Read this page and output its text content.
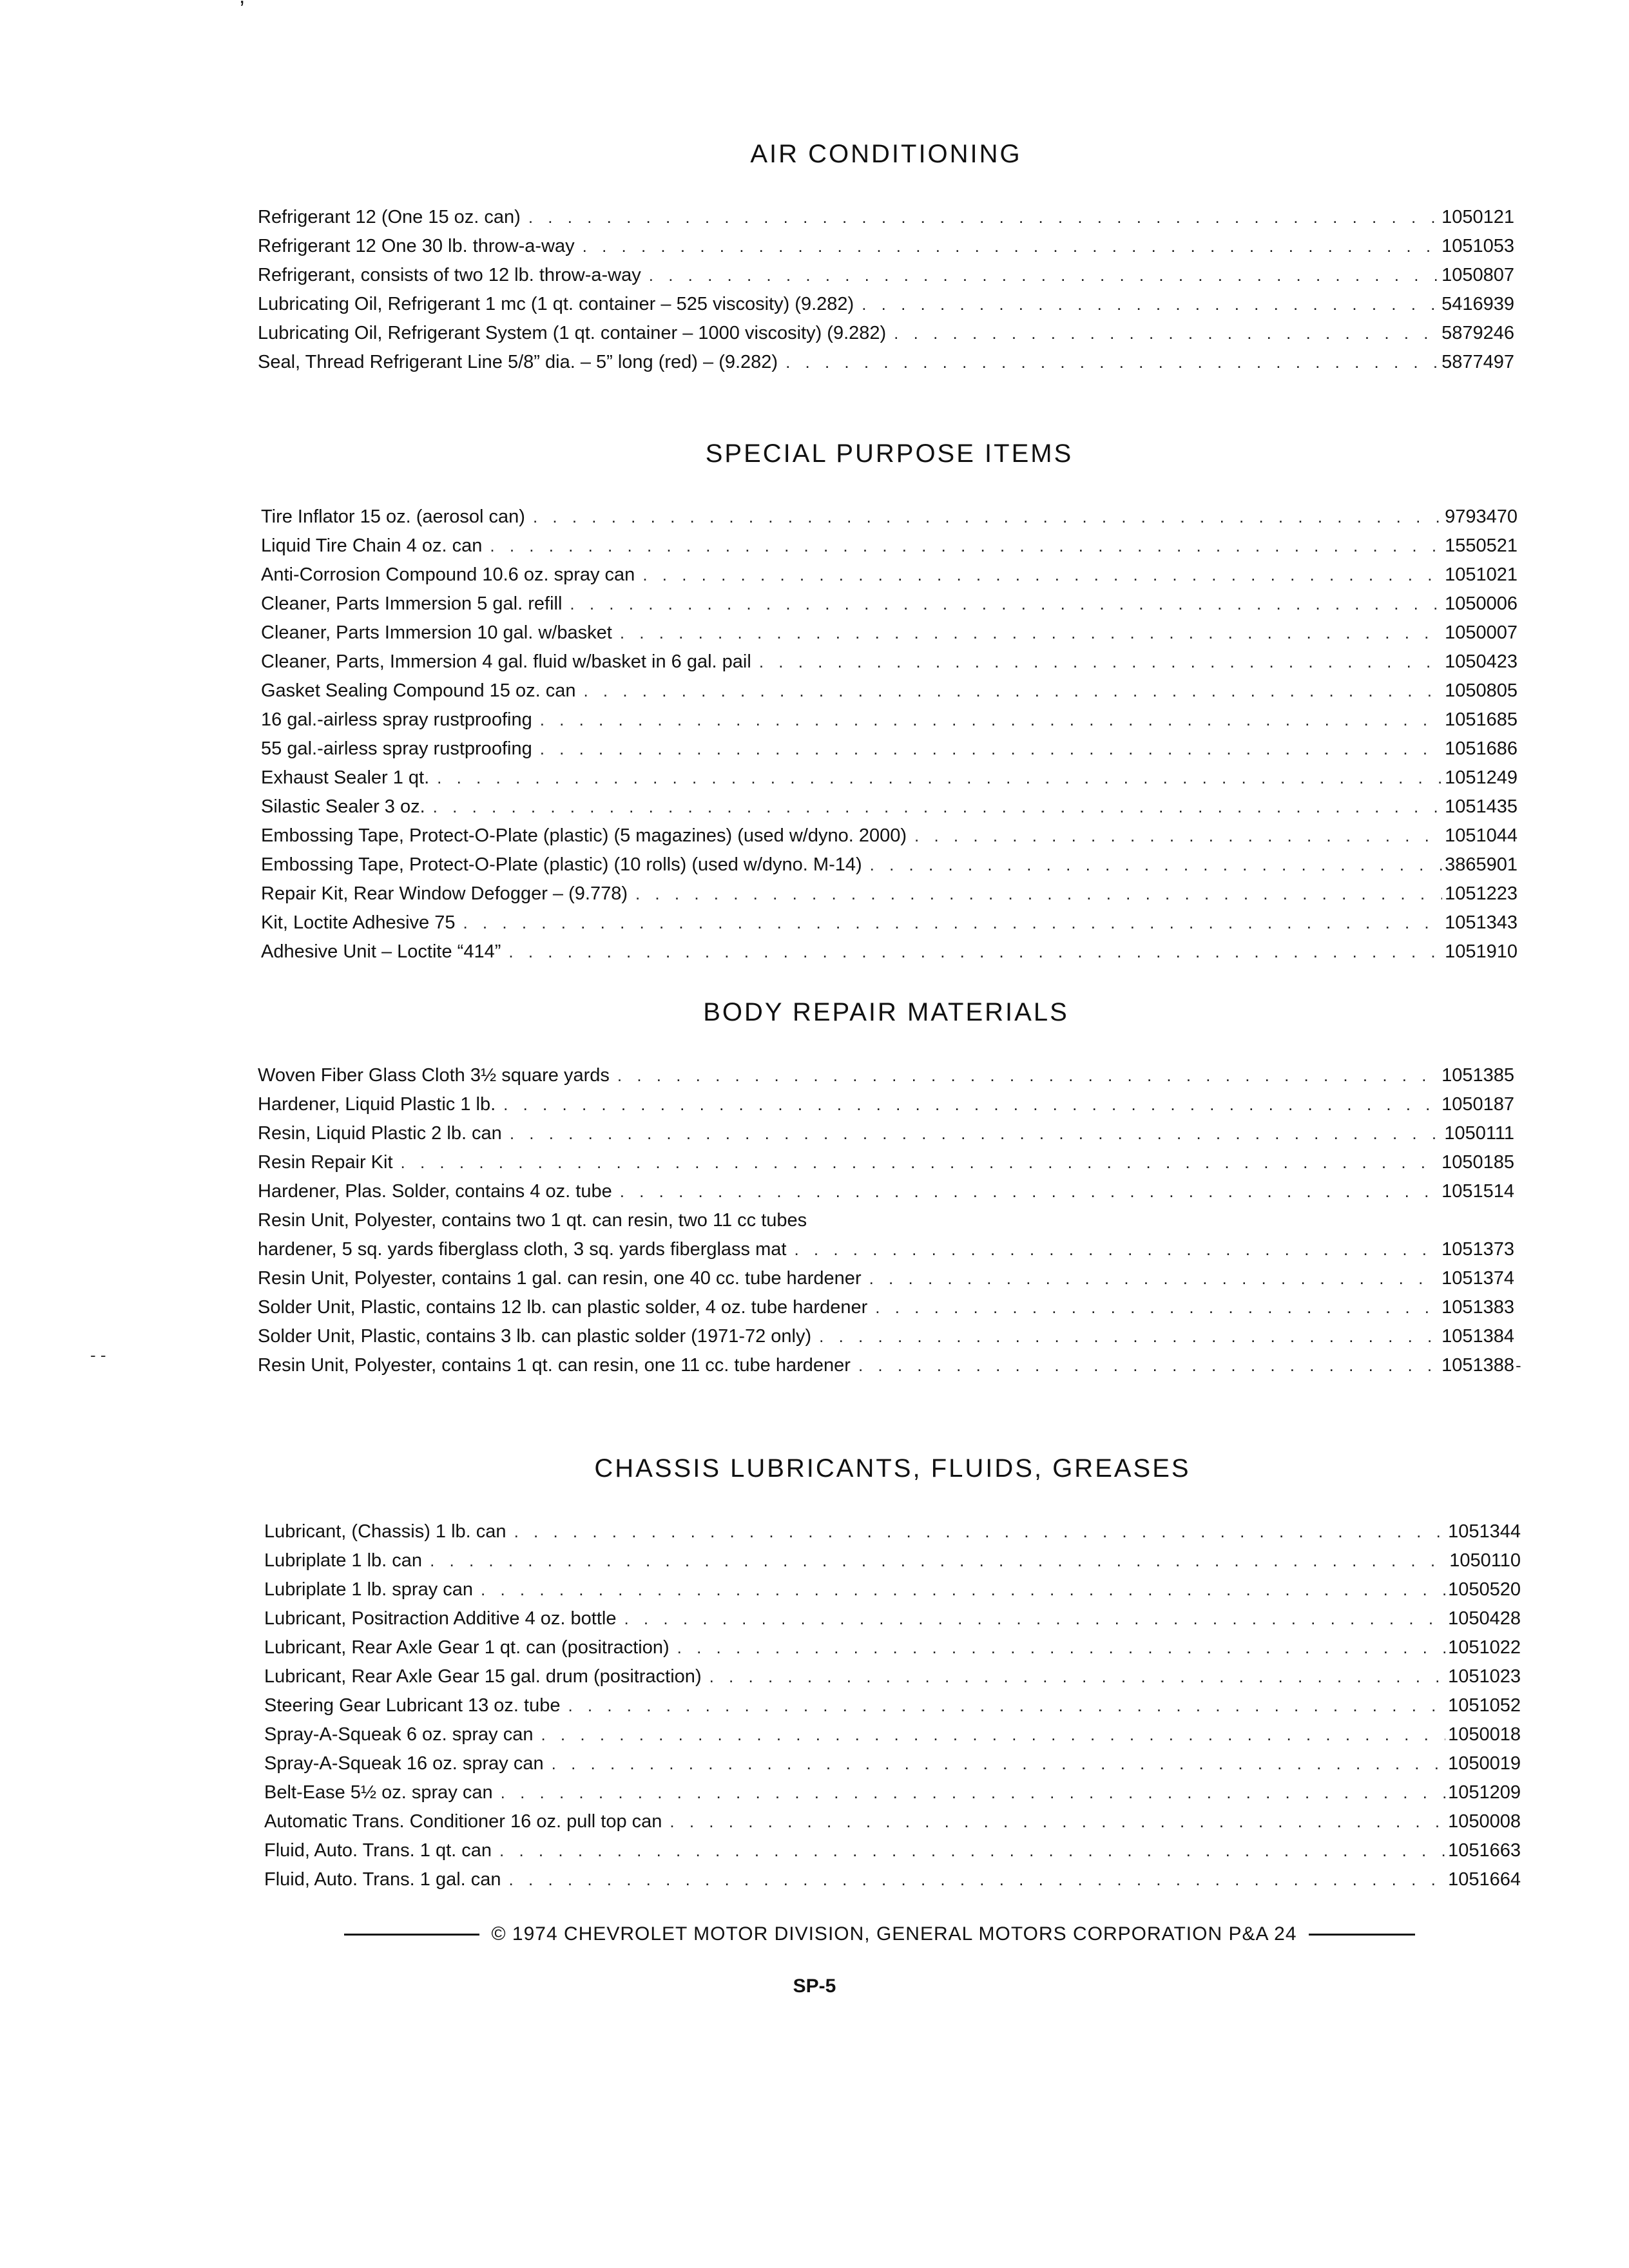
ʼ
AIR CONDITIONING
Refrigerant 12 (One 15 oz. can) . . .	1050121
Refrigerant 12 One 30 lb. throw-a-way . . .	1051053
Refrigerant, consists of two 12 lb. throw-a-way . . .	1050807
Lubricating Oil, Refrigerant 1 mc (1 qt. container – 525 viscosity) (9.282) . . .	5416939
Lubricating Oil, Refrigerant System (1 qt. container – 1000 viscosity) (9.282) . . .	5879246
Seal, Thread Refrigerant Line 5/8” dia. – 5” long (red) – (9.282) . . .	5877497
SPECIAL PURPOSE ITEMS
Tire Inflator 15 oz. (aerosol can) . . .	9793470
Liquid Tire Chain 4 oz. can . . .	1550521
Anti-Corrosion Compound 10.6 oz. spray can . . .	1051021
Cleaner, Parts Immersion 5 gal. refill . . .	1050006
Cleaner, Parts Immersion 10 gal. w/basket . . .	1050007
Cleaner, Parts, Immersion 4 gal. fluid w/basket in 6 gal. pail . . .	1050423
Gasket Sealing Compound 15 oz. can . . .	1050805
16 gal.-airless spray rustproofing . . .	1051685
55 gal.-airless spray rustproofing . . .	1051686
Exhaust Sealer 1 qt. . . .	1051249
Silastic Sealer 3 oz. . . .	1051435
Embossing Tape, Protect-O-Plate (plastic) (5 magazines) (used w/dyno. 2000) . . .	1051044
Embossing Tape, Protect-O-Plate (plastic) (10 rolls) (used w/dyno. M-14) . . .	3865901
Repair Kit, Rear Window Defogger – (9.778) . . .	1051223
Kit, Loctite Adhesive 75 . . .	1051343
Adhesive Unit – Loctite “414” . . .	1051910
BODY REPAIR MATERIALS
Woven Fiber Glass Cloth 3½ square yards . . .	1051385
Hardener, Liquid Plastic 1 lb. . . .	1050187
Resin, Liquid Plastic 2 lb. can . . .	1050111
Resin Repair Kit . . .	1050185
Hardener, Plas. Solder, contains 4 oz. tube . . .	1051514
Resin Unit, Polyester, contains two 1 qt. can resin, two 11 cc tubes
hardener, 5 sq. yards fiberglass cloth, 3 sq. yards fiberglass mat . . .	1051373
Resin Unit, Polyester, contains 1 gal. can resin, one 40 cc. tube hardener . . .	1051374
Solder Unit, Plastic, contains 12 lb. can plastic solder, 4 oz. tube hardener . . .	1051383
Solder Unit, Plastic, contains 3 lb. can plastic solder (1971-72 only) . . .	1051384
Resin Unit, Polyester, contains 1 qt. can resin, one 11 cc. tube hardener . . .	1051388
CHASSIS LUBRICANTS, FLUIDS, GREASES
Lubricant, (Chassis) 1 lb. can . . .	1051344
Lubriplate 1 lb. can . . .	1050110
Lubriplate 1 lb. spray can . . .	1050520
Lubricant, Positraction Additive 4 oz. bottle . . .	1050428
Lubricant, Rear Axle Gear 1 qt. can (positraction) . . .	1051022
Lubricant, Rear Axle Gear 15 gal. drum (positraction) . . .	1051023
Steering Gear Lubricant 13 oz. tube . . .	1051052
Spray-A-Squeak 6 oz. spray can . . .	1050018
Spray-A-Squeak 16 oz. spray can . . .	1050019
Belt-Ease 5½ oz. spray can . . .	1051209
Automatic Trans. Conditioner 16 oz. pull top can . . .	1050008
Fluid, Auto. Trans. 1 qt. can . . .	1051663
Fluid, Auto. Trans. 1 gal. can . . .	1051664
© 1974 CHEVROLET MOTOR DIVISION, GENERAL MOTORS CORPORATION P&A 24
SP-5
- -
-
